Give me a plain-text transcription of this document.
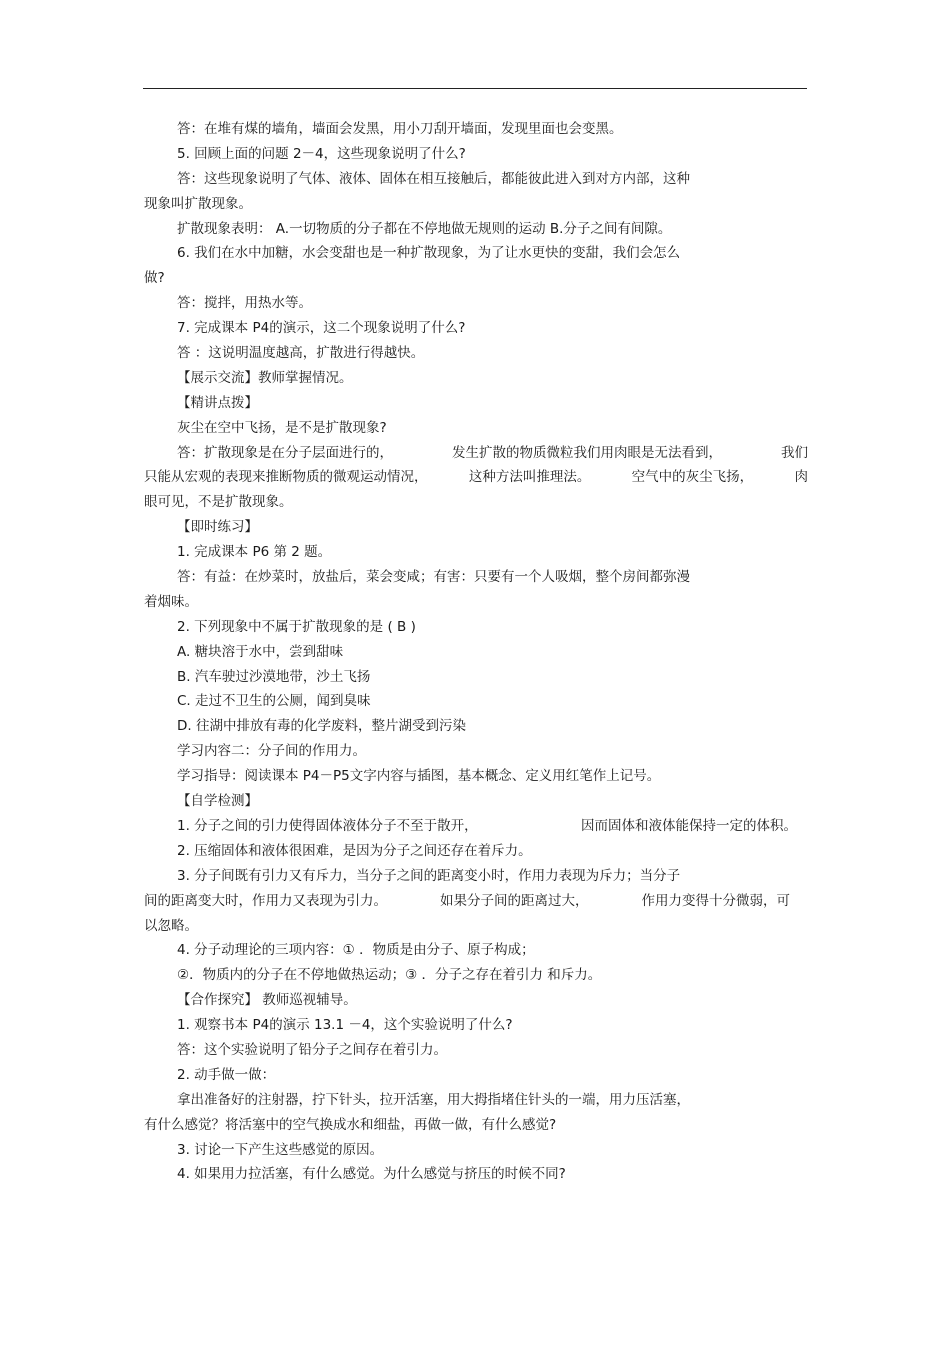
答：在堆有煤的墙角，墙面会发黑，用小刀刮开墙面，发现里面也会变黑。
5. 回顾上面的问题 2－4，这些现象说明了什么?
答：这些现象说明了气体、液体、固体在相互接触后，都能彼此进入到对方内部，这种
现象叫扩散现象。
扩散现象表明： A.一切物质的分子都在不停地做无规则的运动 B.分子之间有间隙。
6. 我们在水中加糖，水会变甜也是一种扩散现象，为了让水更快的变甜，我们会怎么
做?
答：搅拌，用热水等。
7. 完成课本 P4的演示，这二个现象说明了什么?
答 ：这说明温度越高，扩散进行得越快。
【展示交流】教师掌握情况。
【精讲点拨】
灰尘在空中飞扬，是不是扩散现象?
答：扩散现象是在分子层面进行的，	发生扩散的物质微粒我们用肉眼是无法看到，	我们
只能从宏观的表现来推断物质的微观运动情况，	这种方法叫推理法。	空气中的灰尘飞扬，	肉
眼可见，不是扩散现象。
【即时练习】
1. 完成课本 P6 第 2 题。
答：有益：在炒菜时，放盐后，菜会变咸；有害：只要有一个人吸烟，整个房间都弥漫
着烟味。
2. 下列现象中不属于扩散现象的是 ( B )
A. 糖块溶于水中，尝到甜味
B. 汽车驶过沙漠地带，沙土飞扬
C. 走过不卫生的公厕，闻到臭味
D. 往湖中排放有毒的化学废料，整片湖受到污染
学习内容二：分子间的作用力。
学习指导：阅读课本 P4－P5文字内容与插图，基本概念、定义用红笔作上记号。
【自学检测】
1. 分子之间的引力使得固体液体分子不至于散开，	因而固体和液体能保持一定的体积。
2. 压缩固体和液体很困难，是因为分子之间还存在着斥力。
3. 分子间既有引力又有斥力，当分子之间的距离变小时，作用力表现为斥力；当分子
间的距离变大时，作用力又表现为引力。	如果分子间的距离过大，	作用力变得十分微弱，可
以忽略。
4. 分子动理论的三项内容：① ．物质是由分子、原子构成；
②．物质内的分子在不停地做热运动；③ ．分子之存在着引力 和斥力。
【合作探究】 教师巡视辅导。
1. 观察书本 P4的演示 13.1 －4，这个实验说明了什么?
答：这个实验说明了铅分子之间存在着引力。
2. 动手做一做：
拿出准备好的注射器，拧下针头，拉开活塞，用大拇指堵住针头的一端，用力压活塞，
有什么感觉？将活塞中的空气换成水和细盐，再做一做，有什么感觉?
3. 讨论一下产生这些感觉的原因。
4. 如果用力拉活塞，有什么感觉。为什么感觉与挤压的时候不同?
